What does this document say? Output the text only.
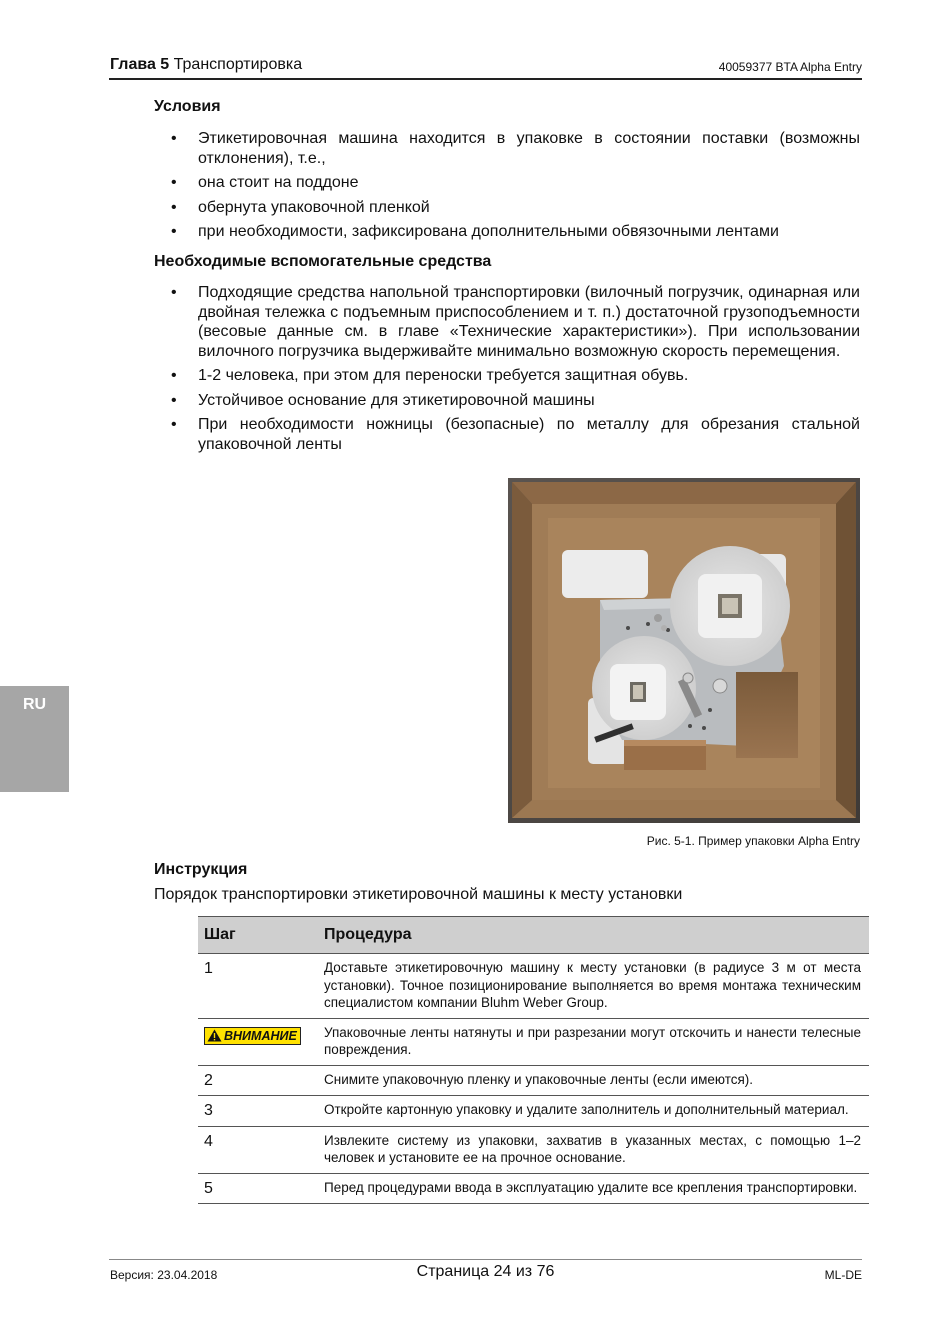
Глава 5 Транспортировка	40059377 BTA Alpha Entry
RU
Условия
• Этикетировочная машина находится в упаковке в состоянии поставки (возможны отклонения), т.е.,
• она стоит на поддоне
• обернута упаковочной пленкой
• при необходимости, зафиксирована дополнительными обвязочными лентами
Необходимые вспомогательные средства
• Подходящие средства напольной транспортировки (вилочный погрузчик, одинарная или двойная тележка с подъемным приспособлением и т. п.) достаточной грузоподъемности (весовые данные см. в главе «Технические характеристики»). При использовании вилочного погрузчика выдерживайте минимально возможную скорость перемещения.
• 1-2 человека, при этом для переноски требуется защитная обувь.
• Устойчивое основание для этикетировочной машины
• При необходимости ножницы (безопасные) по металлу для обрезания стальной упаковочной ленты
Рис. 5-1. Пример упаковки Alpha Entry
Инструкция

Порядок транспортировки этикетировочной машины к месту установки

Шаг	Процедура
1	Доставьте этикетировочную машину к месту установки (в радиусе 3 м от места установки). Точное позиционирование выполняется во время монтажа техническим специалистом компании Bluhm Weber Group.
ВНИМАНИЕ	Упаковочные ленты натянуты и при разрезании могут отскочить и нанести телесные повреждения.
2	Снимите упаковочную пленку и упаковочные ленты (если имеются).
3	Откройте картонную упаковку и удалите заполнитель и дополнительный материал.
4	Извлеките систему из упаковки, захватив в указанных местах, с помощью 1–2 человек и установите ее на прочное основание.
5	Перед процедурами ввода в эксплуатацию удалите все крепления транспортировки.
Версия: 23.04.2018	Страница 24 из 76	ML-DE
